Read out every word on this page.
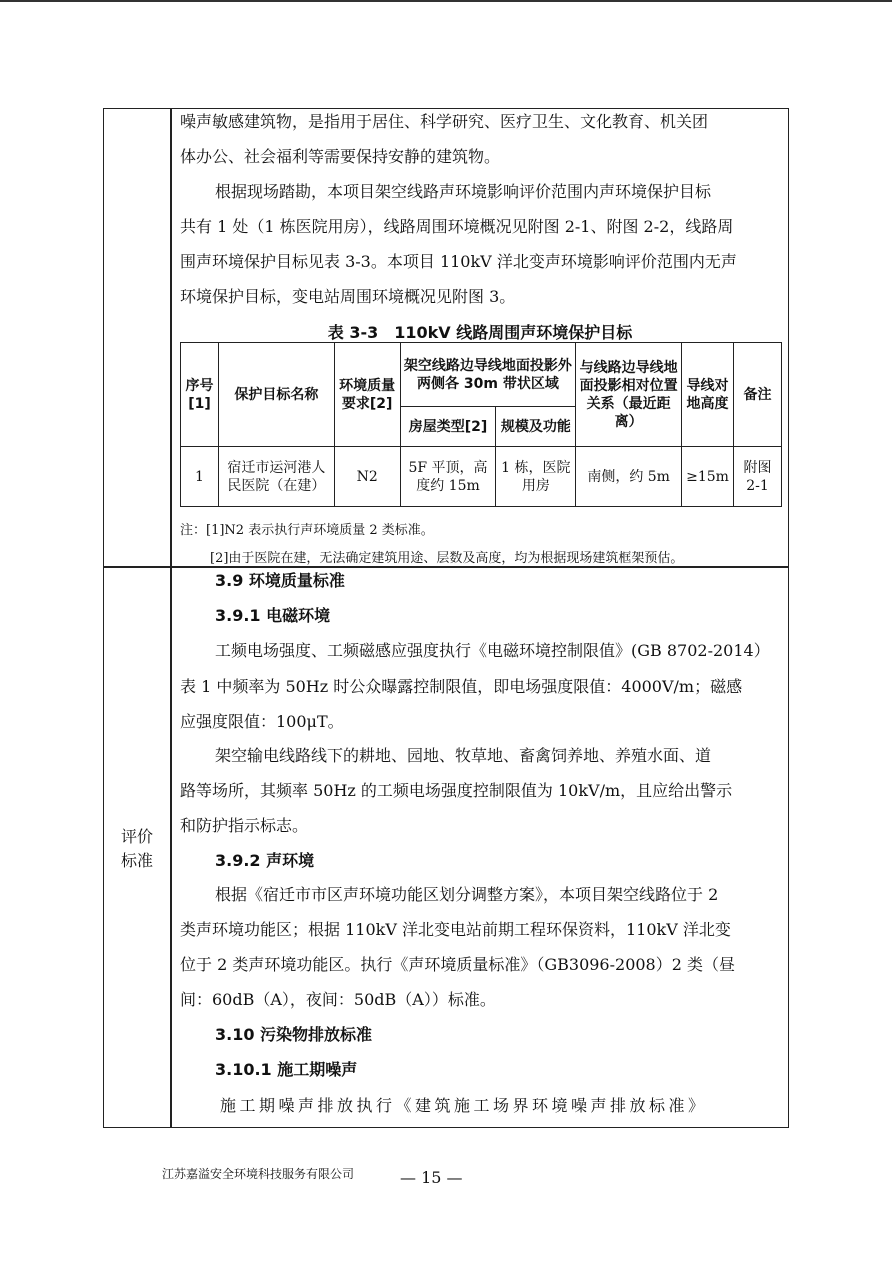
评价
标准
噪声敏感建筑物，是指用于居住、科学研究、医疗卫生、文化教育、机关团
体办公、社会福利等需要保持安静的建筑物。
根据现场踏勘，本项目架空线路声环境影响评价范围内声环境保护目标
共有 1 处（1 栋医院用房），线路周围环境概况见附图 2-1、附图 2-2，线路周
围声环境保护目标见表 3-3。本项目 110kV 洋北变声环境影响评价范围内无声
环境保护目标，变电站周围环境概况见附图 3。
表 3-3　110kV 线路周围声环境保护目标
序号[1]	保护目标名称	环境质量要求[2]	架空线路边导线地面投影外两侧各 30m 带状区域		与线路边导线地面投影相对位置关系（最近距离）	导线对地高度	备注
			房屋类型[2]	规模及功能			
1	宿迁市运河港人民医院（在建）	N2	5F 平顶，高度约 15m	1 栋，医院用房	南侧，约 5m	≥15m	附图 2-1
注：[1]N2 表示执行声环境质量 2 类标准。
[2]由于医院在建，无法确定建筑用途、层数及高度，均为根据现场建筑框架预估。
3.9 环境质量标准
3.9.1 电磁环境
工频电场强度、工频磁感应强度执行《电磁环境控制限值》(GB 8702-2014）
表 1 中频率为 50Hz 时公众曝露控制限值，即电场强度限值：4000V/m；磁感
应强度限值：100μT。
架空输电线路线下的耕地、园地、牧草地、畜禽饲养地、养殖水面、道
路等场所，其频率 50Hz 的工频电场强度控制限值为 10kV/m，且应给出警示
和防护指示标志。
3.9.2 声环境
根据《宿迁市市区声环境功能区划分调整方案》，本项目架空线路位于 2
类声环境功能区；根据 110kV 洋北变电站前期工程环保资料，110kV 洋北变
位于 2 类声环境功能区。执行《声环境质量标准》（GB3096-2008）2 类（昼
间：60dB（A），夜间：50dB（A））标准。
3.10 污染物排放标准
3.10.1 施工期噪声
施工期噪声排放执行《建筑施工场界环境噪声排放标准》
江苏嘉溢安全环境科技服务有限公司	— 15 —
